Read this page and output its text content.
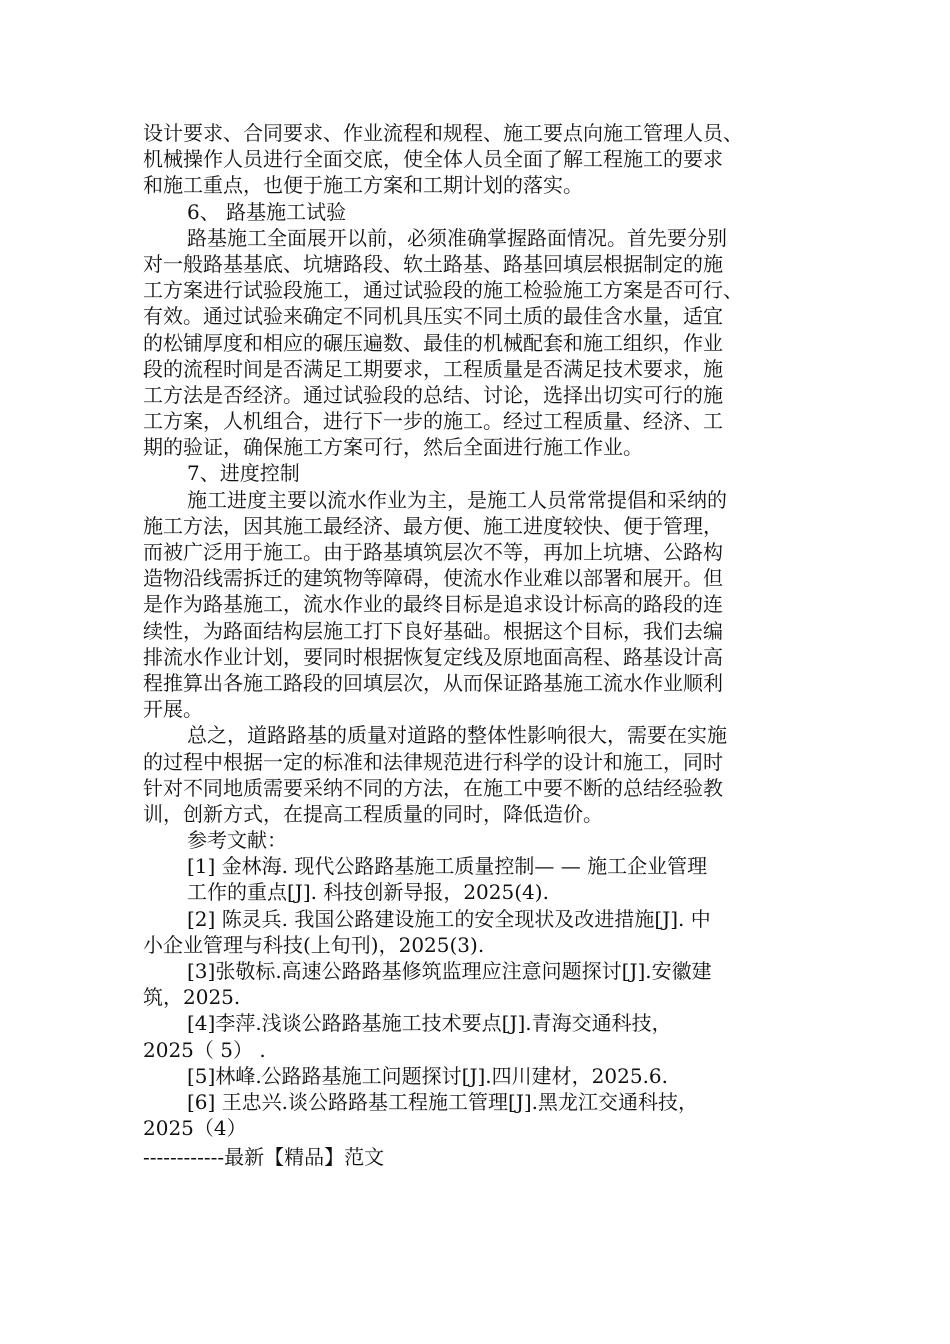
设计要求、合同要求、作业流程和规程、施工要点向施工管理人员、
机械操作人员进行全面交底，使全体人员全面了解工程施工的要求
和施工重点，也便于施工方案和工期计划的落实。
6、 路基施工试验
路基施工全面展开以前，必须准确掌握路面情况。首先要分别
对一般路基基底、坑塘路段、软土路基、路基回填层根据制定的施
工方案进行试验段施工，通过试验段的施工检验施工方案是否可行、
有效。通过试验来确定不同机具压实不同土质的最佳含水量，适宜
的松铺厚度和相应的碾压遍数、最佳的机械配套和施工组织，作业
段的流程时间是否满足工期要求，工程质量是否满足技术要求，施
工方法是否经济。通过试验段的总结、讨论，选择出切实可行的施
工方案，人机组合，进行下一步的施工。经过工程质量、经济、工
期的验证，确保施工方案可行，然后全面进行施工作业。
7、进度控制
施工进度主要以流水作业为主，是施工人员常常提倡和采纳的
施工方法，因其施工最经济、最方便、施工进度较快、便于管理，
而被广泛用于施工。由于路基填筑层次不等，再加上坑塘、公路构
造物沿线需拆迁的建筑物等障碍，使流水作业难以部署和展开。但
是作为路基施工，流水作业的最终目标是追求设计标高的路段的连
续性，为路面结构层施工打下良好基础。根据这个目标，我们去编
排流水作业计划，要同时根据恢复定线及原地面高程、路基设计高
程推算出各施工路段的回填层次，从而保证路基施工流水作业顺利
开展。
总之，道路路基的质量对道路的整体性影响很大，需要在实施
的过程中根据一定的标准和法律规范进行科学的设计和施工，同时
针对不同地质需要采纳不同的方法，在施工中要不断的总结经验教
训，创新方式，在提高工程质量的同时，降低造价。
参考文献：
[1] 金林海. 现代公路路基施工质量控制— — 施工企业管理
工作的重点[J]. 科技创新导报，2025(4).
[2] 陈灵兵. 我国公路建设施工的安全现状及改进措施[J]. 中
小企业管理与科技(上旬刊)，2025(3).
[3]张敬标.高速公路路基修筑监理应注意问题探讨[J].安徽建
筑，2025.
[4]李萍.浅谈公路路基施工技术要点[J].青海交通科技，
2025（ 5） .
[5]林峰.公路路基施工问题探讨[J].四川建材，2025.6.
[6] 王忠兴.谈公路路基工程施工管理[J].黑龙江交通科技，
2025（4）
------------最新【精品】范文
